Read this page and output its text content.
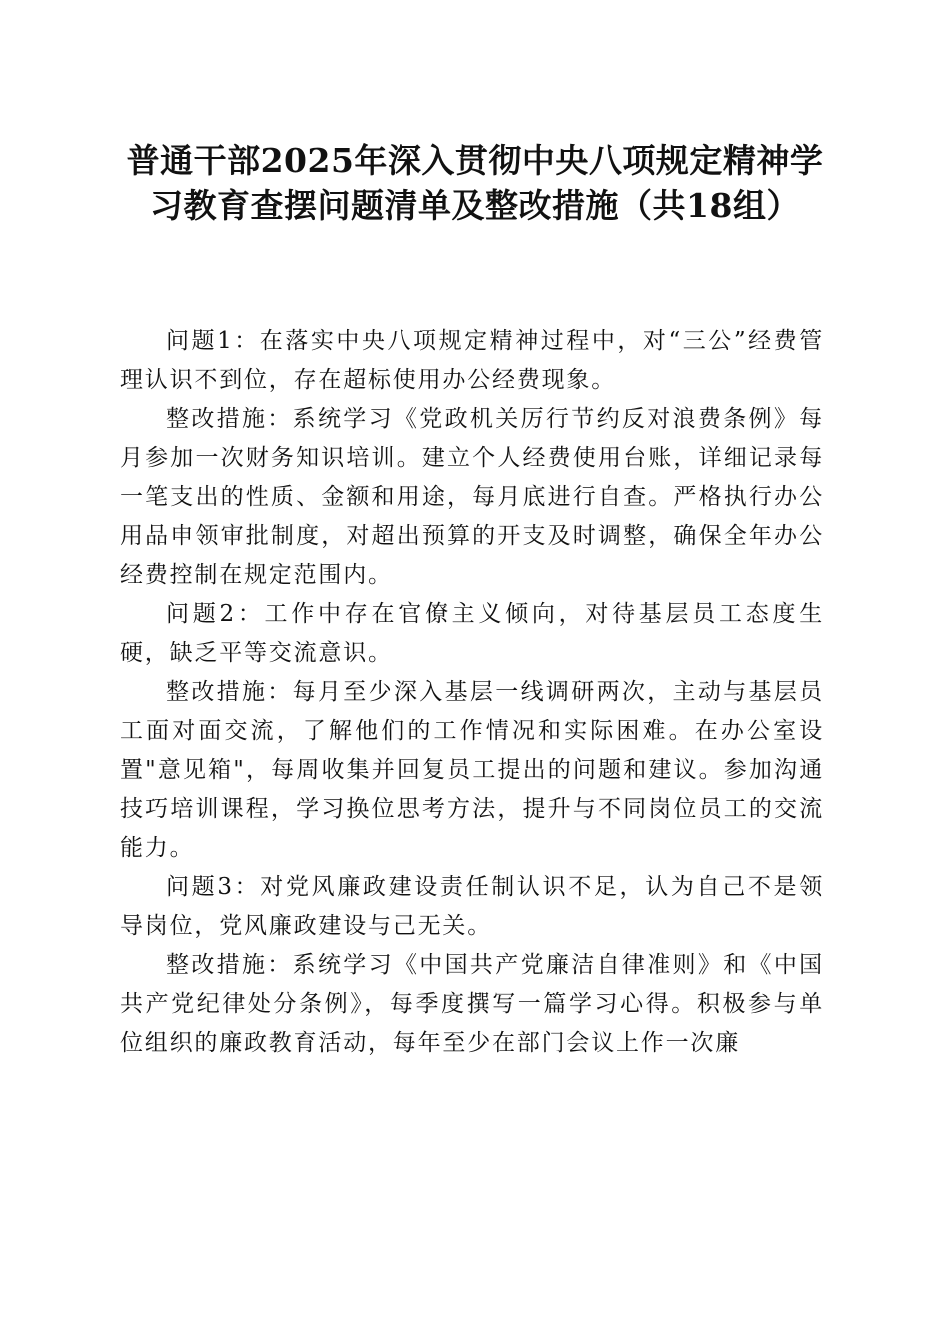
普通干部2025年深入贯彻中央八项规定精神学习教育查摆问题清单及整改措施（共18组）

问题1：在落实中央八项规定精神过程中，对“三公”经费管理认识不到位，存在超标使用办公经费现象。

整改措施：系统学习《党政机关厉行节约反对浪费条例》每月参加一次财务知识培训。建立个人经费使用台账，详细记录每一笔支出的性质、金额和用途，每月底进行自查。严格执行办公用品申领审批制度，对超出预算的开支及时调整，确保全年办公经费控制在规定范围内。

问题2：工作中存在官僚主义倾向，对待基层员工态度生硬，缺乏平等交流意识。

整改措施：每月至少深入基层一线调研两次，主动与基层员工面对面交流，了解他们的工作情况和实际困难。在办公室设置"意见箱"，每周收集并回复员工提出的问题和建议。参加沟通技巧培训课程，学习换位思考方法，提升与不同岗位员工的交流能力。

问题3：对党风廉政建设责任制认识不足，认为自己不是领导岗位，党风廉政建设与己无关。

整改措施：系统学习《中国共产党廉洁自律准则》和《中国共产党纪律处分条例》，每季度撰写一篇学习心得。积极参与单位组织的廉政教育活动，每年至少在部门会议上作一次廉
